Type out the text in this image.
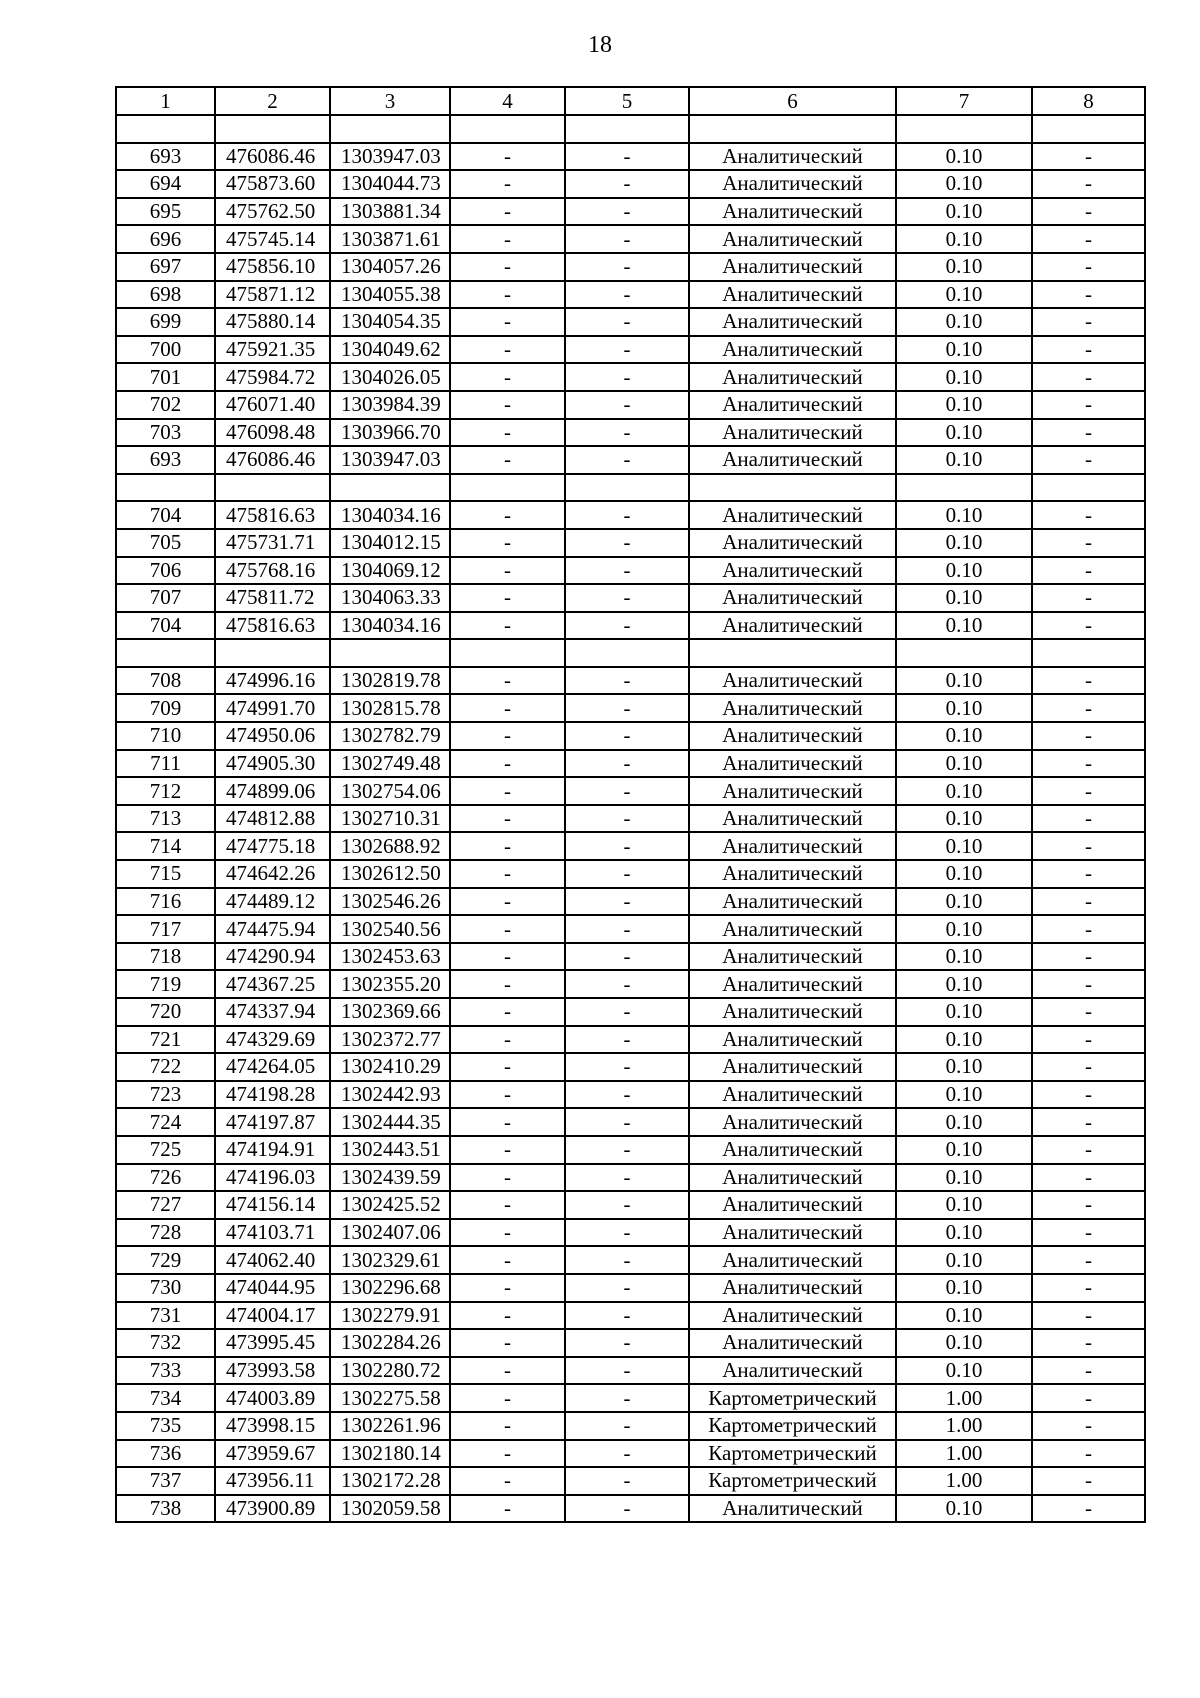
18
1	2	3	4	5	6	7	8

693	476086.46	1303947.03	-	-	Аналитический	0.10	-
694	475873.60	1304044.73	-	-	Аналитический	0.10	-
695	475762.50	1303881.34	-	-	Аналитический	0.10	-
696	475745.14	1303871.61	-	-	Аналитический	0.10	-
697	475856.10	1304057.26	-	-	Аналитический	0.10	-
698	475871.12	1304055.38	-	-	Аналитический	0.10	-
699	475880.14	1304054.35	-	-	Аналитический	0.10	-
700	475921.35	1304049.62	-	-	Аналитический	0.10	-
701	475984.72	1304026.05	-	-	Аналитический	0.10	-
702	476071.40	1303984.39	-	-	Аналитический	0.10	-
703	476098.48	1303966.70	-	-	Аналитический	0.10	-
693	476086.46	1303947.03	-	-	Аналитический	0.10	-

704	475816.63	1304034.16	-	-	Аналитический	0.10	-
705	475731.71	1304012.15	-	-	Аналитический	0.10	-
706	475768.16	1304069.12	-	-	Аналитический	0.10	-
707	475811.72	1304063.33	-	-	Аналитический	0.10	-
704	475816.63	1304034.16	-	-	Аналитический	0.10	-

708	474996.16	1302819.78	-	-	Аналитический	0.10	-
709	474991.70	1302815.78	-	-	Аналитический	0.10	-
710	474950.06	1302782.79	-	-	Аналитический	0.10	-
711	474905.30	1302749.48	-	-	Аналитический	0.10	-
712	474899.06	1302754.06	-	-	Аналитический	0.10	-
713	474812.88	1302710.31	-	-	Аналитический	0.10	-
714	474775.18	1302688.92	-	-	Аналитический	0.10	-
715	474642.26	1302612.50	-	-	Аналитический	0.10	-
716	474489.12	1302546.26	-	-	Аналитический	0.10	-
717	474475.94	1302540.56	-	-	Аналитический	0.10	-
718	474290.94	1302453.63	-	-	Аналитический	0.10	-
719	474367.25	1302355.20	-	-	Аналитический	0.10	-
720	474337.94	1302369.66	-	-	Аналитический	0.10	-
721	474329.69	1302372.77	-	-	Аналитический	0.10	-
722	474264.05	1302410.29	-	-	Аналитический	0.10	-
723	474198.28	1302442.93	-	-	Аналитический	0.10	-
724	474197.87	1302444.35	-	-	Аналитический	0.10	-
725	474194.91	1302443.51	-	-	Аналитический	0.10	-
726	474196.03	1302439.59	-	-	Аналитический	0.10	-
727	474156.14	1302425.52	-	-	Аналитический	0.10	-
728	474103.71	1302407.06	-	-	Аналитический	0.10	-
729	474062.40	1302329.61	-	-	Аналитический	0.10	-
730	474044.95	1302296.68	-	-	Аналитический	0.10	-
731	474004.17	1302279.91	-	-	Аналитический	0.10	-
732	473995.45	1302284.26	-	-	Аналитический	0.10	-
733	473993.58	1302280.72	-	-	Аналитический	0.10	-
734	474003.89	1302275.58	-	-	Картометрический	1.00	-
735	473998.15	1302261.96	-	-	Картометрический	1.00	-
736	473959.67	1302180.14	-	-	Картометрический	1.00	-
737	473956.11	1302172.28	-	-	Картометрический	1.00	-
738	473900.89	1302059.58	-	-	Аналитический	0.10	-
